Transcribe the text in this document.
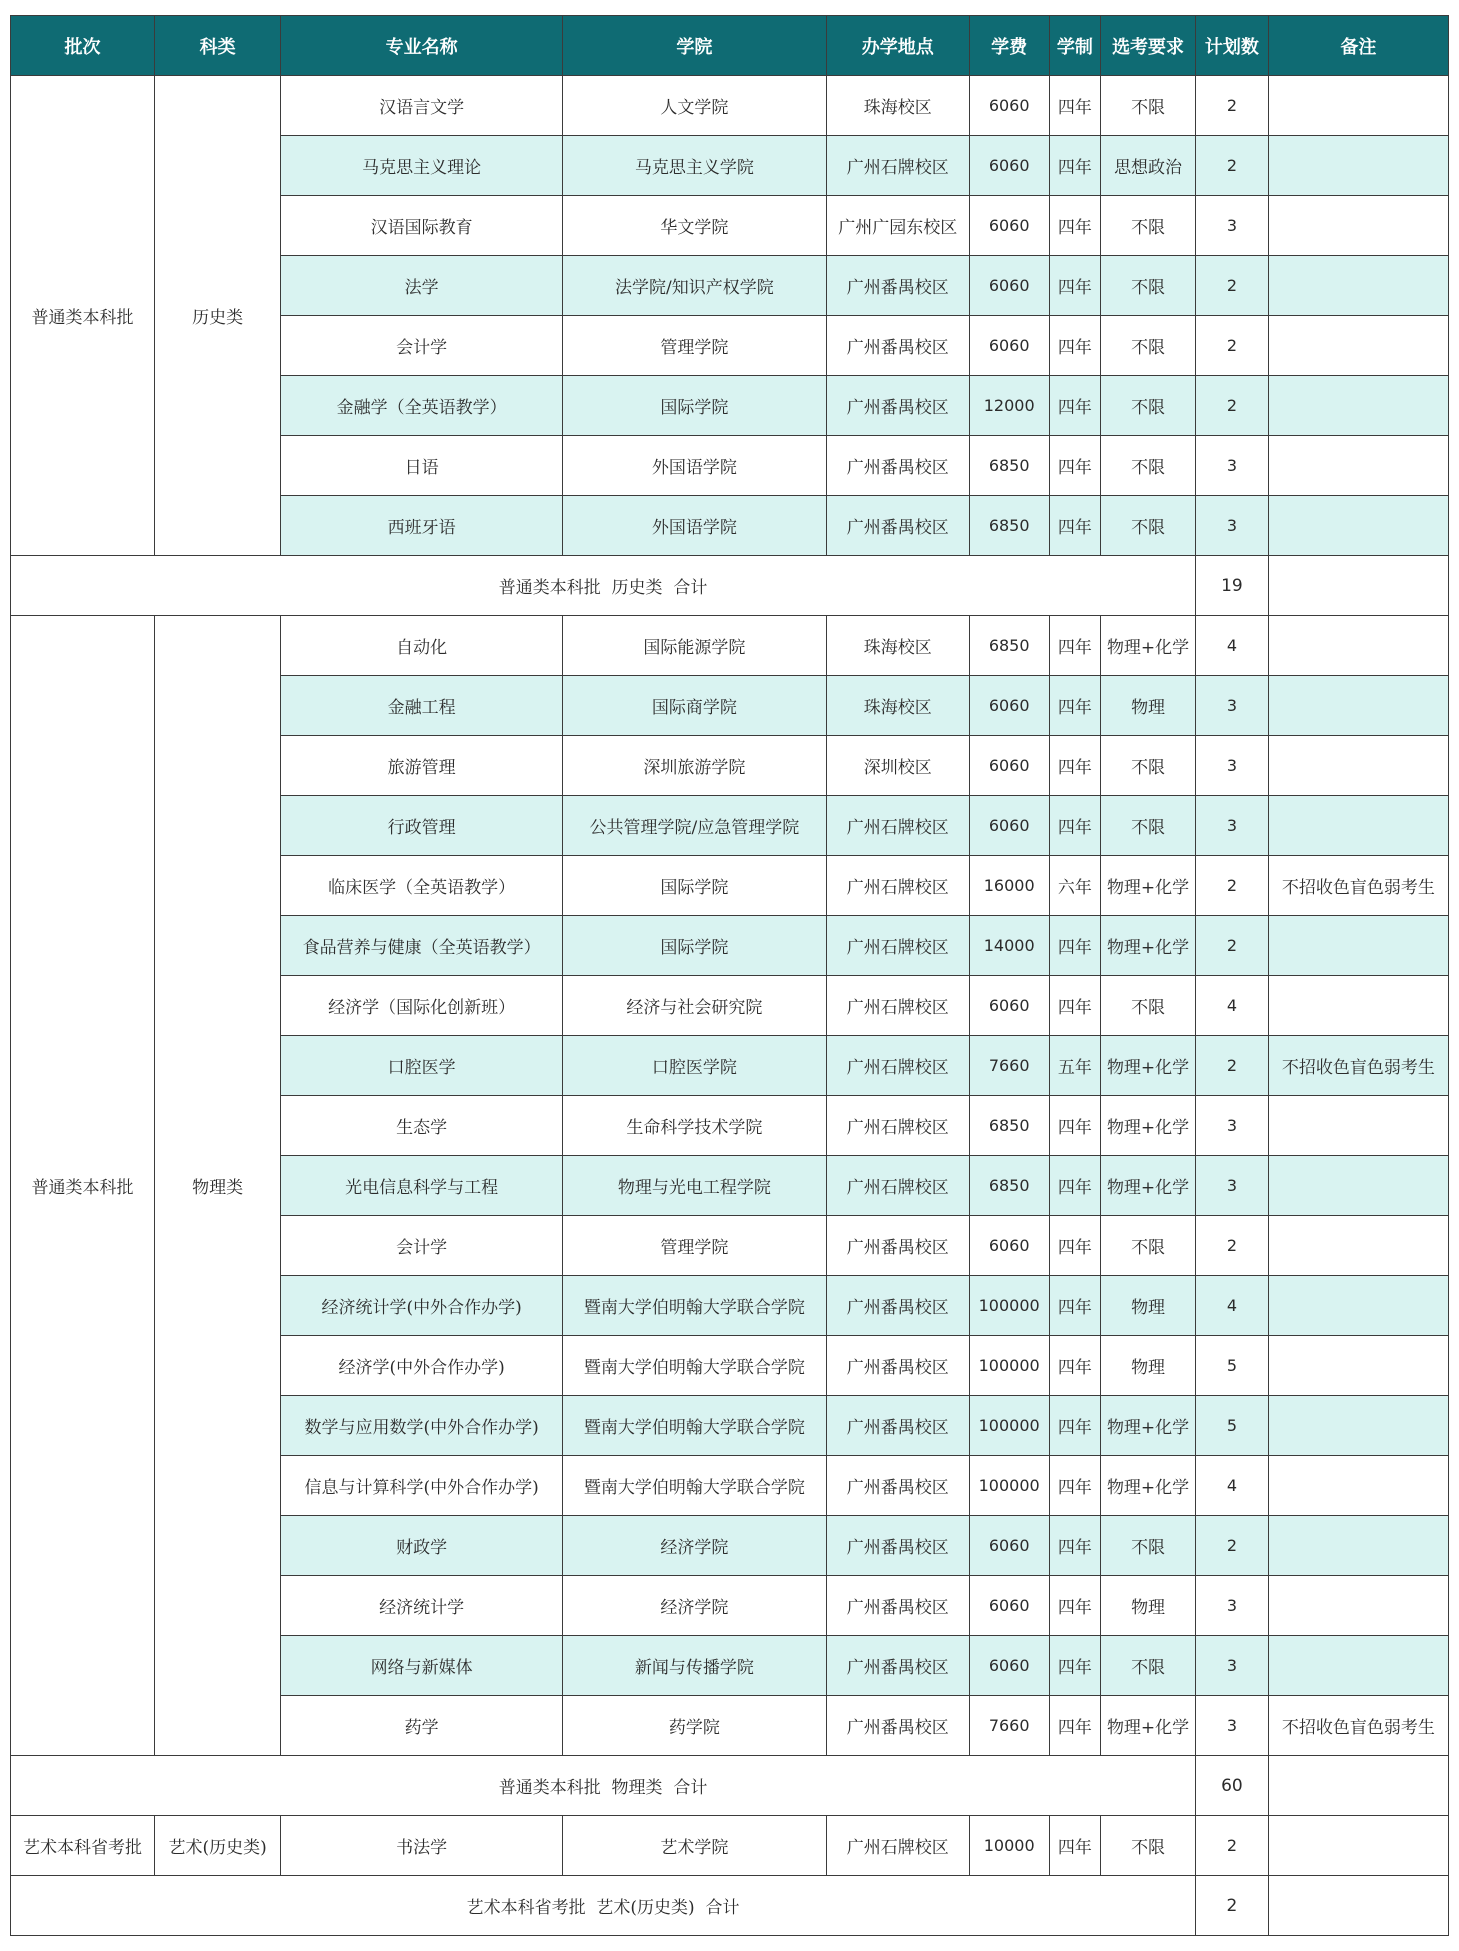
批次	科类	专业名称	学院	办学地点	学费	学制	选考要求	计划数	备注
普通类本科批	历史类	汉语言文学	人文学院	珠海校区	6060	四年	不限	2	
		马克思主义理论	马克思主义学院	广州石牌校区	6060	四年	思想政治	2	
		汉语国际教育	华文学院	广州广园东校区	6060	四年	不限	3	
		法学	法学院/知识产权学院	广州番禺校区	6060	四年	不限	2	
		会计学	管理学院	广州番禺校区	6060	四年	不限	2	
		金融学（全英语教学）	国际学院	广州番禺校区	12000	四年	不限	2	
		日语	外国语学院	广州番禺校区	6850	四年	不限	3	
		西班牙语	外国语学院	广州番禺校区	6850	四年	不限	3	
普通类本科批  历史类  合计								19	
普通类本科批	物理类	自动化	国际能源学院	珠海校区	6850	四年	物理+化学	4	
		金融工程	国际商学院	珠海校区	6060	四年	物理	3	
		旅游管理	深圳旅游学院	深圳校区	6060	四年	不限	3	
		行政管理	公共管理学院/应急管理学院	广州石牌校区	6060	四年	不限	3	
		临床医学（全英语教学）	国际学院	广州石牌校区	16000	六年	物理+化学	2	不招收色盲色弱考生
		食品营养与健康（全英语教学）	国际学院	广州石牌校区	14000	四年	物理+化学	2	
		经济学（国际化创新班）	经济与社会研究院	广州石牌校区	6060	四年	不限	4	
		口腔医学	口腔医学院	广州石牌校区	7660	五年	物理+化学	2	不招收色盲色弱考生
		生态学	生命科学技术学院	广州石牌校区	6850	四年	物理+化学	3	
		光电信息科学与工程	物理与光电工程学院	广州石牌校区	6850	四年	物理+化学	3	
		会计学	管理学院	广州番禺校区	6060	四年	不限	2	
		经济统计学(中外合作办学)	暨南大学伯明翰大学联合学院	广州番禺校区	100000	四年	物理	4	
		经济学(中外合作办学)	暨南大学伯明翰大学联合学院	广州番禺校区	100000	四年	物理	5	
		数学与应用数学(中外合作办学)	暨南大学伯明翰大学联合学院	广州番禺校区	100000	四年	物理+化学	5	
		信息与计算科学(中外合作办学)	暨南大学伯明翰大学联合学院	广州番禺校区	100000	四年	物理+化学	4	
		财政学	经济学院	广州番禺校区	6060	四年	不限	2	
		经济统计学	经济学院	广州番禺校区	6060	四年	物理	3	
		网络与新媒体	新闻与传播学院	广州番禺校区	6060	四年	不限	3	
		药学	药学院	广州番禺校区	7660	四年	物理+化学	3	不招收色盲色弱考生
普通类本科批  物理类  合计								60	
艺术本科省考批	艺术(历史类)	书法学	艺术学院	广州石牌校区	10000	四年	不限	2	
艺术本科省考批  艺术(历史类)  合计								2	
